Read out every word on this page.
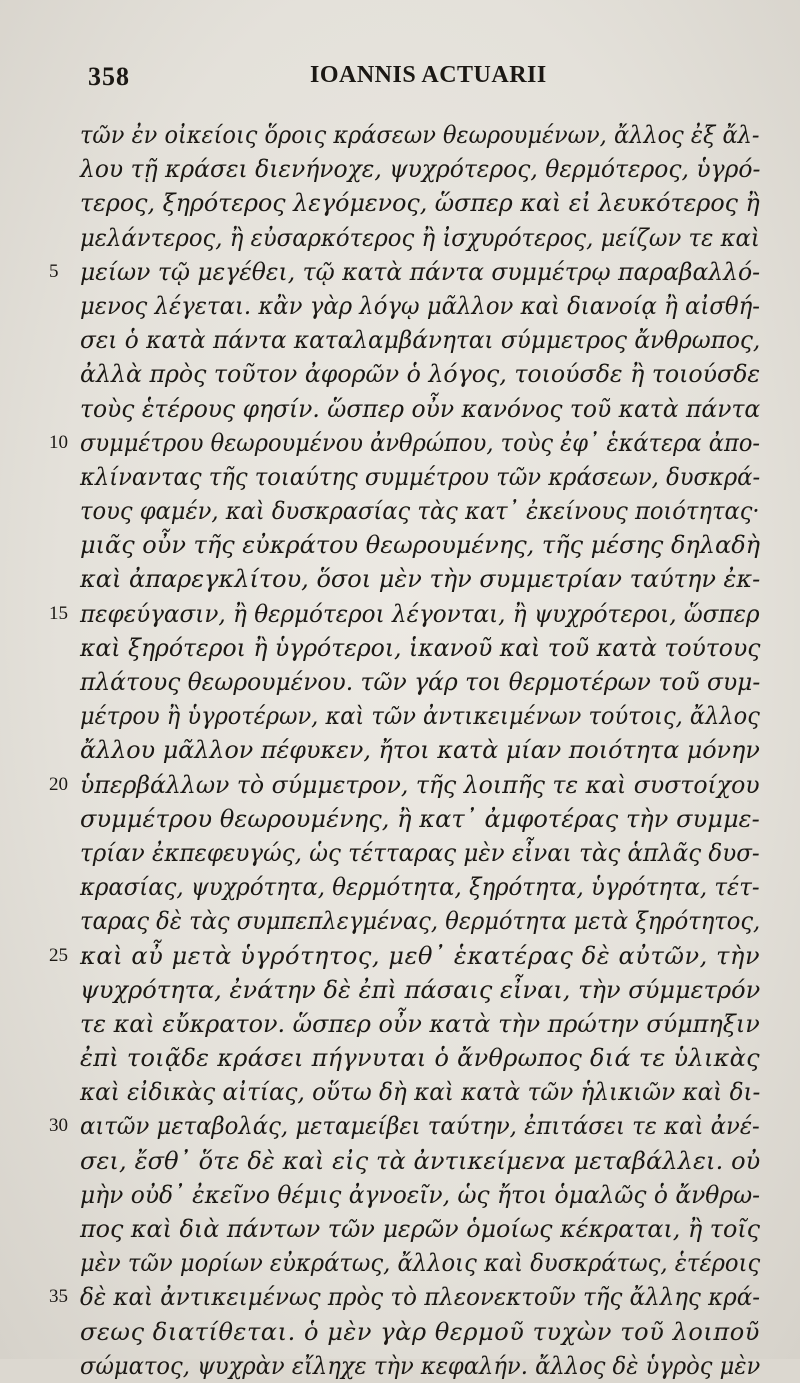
358	IOANNIS ACTUARII
τῶν ἐν οἰκείοις ὅροις κράσεων θεωρουμένων, ἄλλος ἐξ ἄλ-
λου τῇ κράσει διενήνοχε, ψυχρότερος, θερμότερος, ὑγρό-
τερος, ξηρότερος λεγόμενος, ὥσπερ καὶ εἰ λευκότερος ἢ
μελάντερος, ἢ εὐσαρκότερος ἢ ἰσχυρότερος, μείζων τε καὶ
5 μείων τῷ μεγέθει, τῷ κατὰ πάντα συμμέτρῳ παραβαλλό-
μενος λέγεται. κἂν γὰρ λόγῳ μᾶλλον καὶ διανοίᾳ ἢ αἰσθή-
σει ὁ κατὰ πάντα καταλαμβάνηται σύμμετρος ἄνθρωπος,
ἀλλὰ πρὸς τοῦτον ἀφορῶν ὁ λόγος, τοιούσδε ἢ τοιούσδε
τοὺς ἑτέρους φησίν. ὥσπερ οὖν κανόνος τοῦ κατὰ πάντα
10 συμμέτρου θεωρουμένου ἀνθρώπου, τοὺς ἐφ᾽ ἑκάτερα ἀπο-
κλίναντας τῆς τοιαύτης συμμέτρου τῶν κράσεων, δυσκρά-
τους φαμέν, καὶ δυσκρασίας τὰς κατ᾽ ἐκείνους ποιότητας·
μιᾶς οὖν τῆς εὐκράτου θεωρουμένης, τῆς μέσης δηλαδὴ
καὶ ἀπαρεγκλίτου, ὅσοι μὲν τὴν συμμετρίαν ταύτην ἐκ-
15 πεφεύγασιν, ἢ θερμότεροι λέγονται, ἢ ψυχρότεροι, ὥσπερ
καὶ ξηρότεροι ἢ ὑγρότεροι, ἱκανοῦ καὶ τοῦ κατὰ τούτους
πλάτους θεωρουμένου. τῶν γάρ τοι θερμοτέρων τοῦ συμ-
μέτρου ἢ ὑγροτέρων, καὶ τῶν ἀντικειμένων τούτοις, ἄλλος
ἄλλου μᾶλλον πέφυκεν, ἤτοι κατὰ μίαν ποιότητα μόνην
20 ὑπερβάλλων τὸ σύμμετρον, τῆς λοιπῆς τε καὶ συστοίχου
συμμέτρου θεωρουμένης, ἢ κατ᾽ ἀμφοτέρας τὴν συμμε-
τρίαν ἐκπεφευγώς, ὡς τέτταρας μὲν εἶναι τὰς ἁπλᾶς δυσ-
κρασίας, ψυχρότητα, θερμότητα, ξηρότητα, ὑγρότητα, τέτ-
ταρας δὲ τὰς συμπεπλεγμένας, θερμότητα μετὰ ξηρότητος,
25 καὶ αὖ μετὰ ὑγρότητος, μεθ᾽ ἑκατέρας δὲ αὐτῶν, τὴν
ψυχρότητα, ἐνάτην δὲ ἐπὶ πάσαις εἶναι, τὴν σύμμετρόν
τε καὶ εὔκρατον. ὥσπερ οὖν κατὰ τὴν πρώτην σύμπηξιν
ἐπὶ τοιᾷδε κράσει πήγνυται ὁ ἄνθρωπος διά τε ὑλικὰς
καὶ εἰδικὰς αἰτίας, οὕτω δὴ καὶ κατὰ τῶν ἡλικιῶν καὶ δι-
30 αιτῶν μεταβολάς, μεταμείβει ταύτην, ἐπιτάσει τε καὶ ἀνέ-
σει, ἔσθ᾽ ὅτε δὲ καὶ εἰς τὰ ἀντικείμενα μεταβάλλει. οὐ
μὴν οὐδ᾽ ἐκεῖνο θέμις ἀγνοεῖν, ὡς ἤτοι ὁμαλῶς ὁ ἄνθρω-
πος καὶ διὰ πάντων τῶν μερῶν ὁμοίως κέκραται, ἢ τοῖς
μὲν τῶν μορίων εὐκράτως, ἄλλοις καὶ δυσκράτως, ἑτέροις
35 δὲ καὶ ἀντικειμένως πρὸς τὸ πλεονεκτοῦν τῆς ἄλλης κρά-
σεως διατίθεται. ὁ μὲν γὰρ θερμοῦ τυχὼν τοῦ λοιποῦ
σώματος, ψυχρὰν εἴληχε τὴν κεφαλήν. ἄλλος δὲ ὑγρὸς μὲν
